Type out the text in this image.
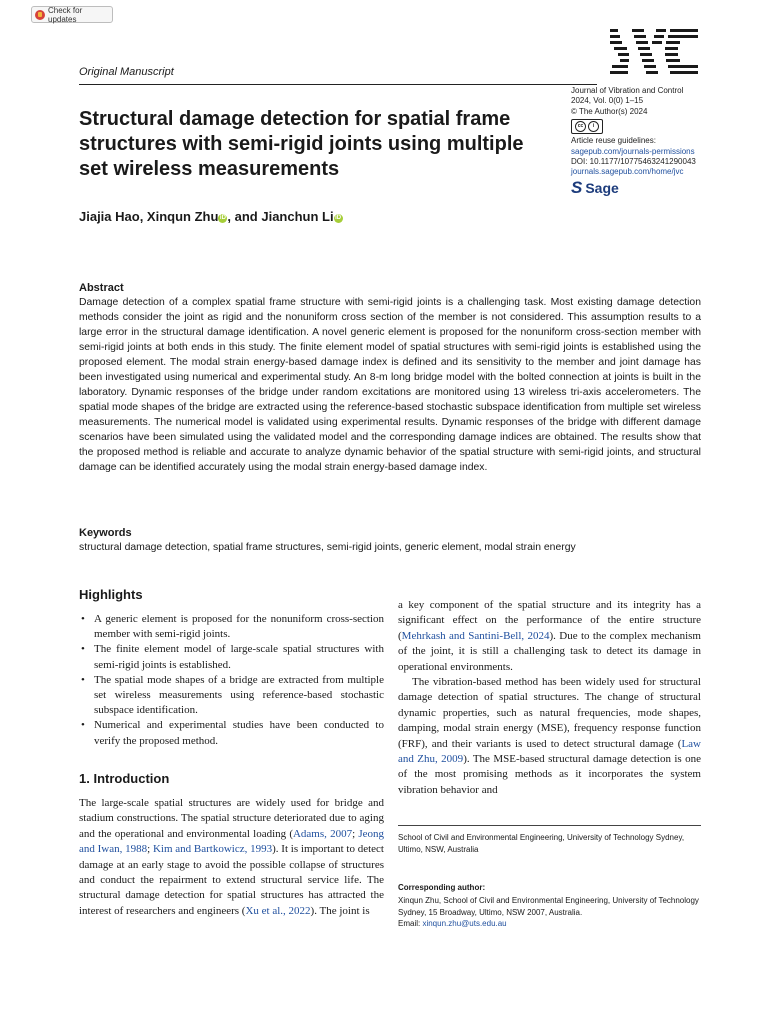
Check for updates
Original Manuscript
Journal of Vibration and Control
2024, Vol. 0(0) 1–15
© The Author(s) 2024
cc	i
Article reuse guidelines:
sagepub.com/journals-permissions
DOI: 10.1177/10775463241290043
journals.sagepub.com/home/jvc
S Sage
Structural damage detection for spatial frame structures with semi-rigid joints using multiple set wireless measurements
Jiajia Hao, Xinqun Zhu iD , and Jianchun Li iD
Abstract
Damage detection of a complex spatial frame structure with semi-rigid joints is a challenging task. Most existing damage detection methods consider the joint as rigid and the nonuniform cross section of the member is not considered. This assumption results to a large error in the structural damage identification. A novel generic element is proposed for the nonuniform cross-section member with semi-rigid joints at both ends in this study. The finite element model of spatial structures with semi-rigid joints is established using the proposed element. The modal strain energy-based damage index is defined and its sensitivity to the member and joint damage has been investigated using numerical and experimental study. An 8-m long bridge model with the bolted connection at joints is built in the laboratory. Dynamic responses of the bridge under random excitations are monitored using 13 wireless tri-axis accelerometers. The spatial mode shapes of the bridge are extracted using the reference-based stochastic subspace identification from multiple set wireless measurements. The numerical model is validated using experimental results. Dynamic responses of the bridge with different damage scenarios have been simulated using the validated model and the corresponding damage indices are obtained. The results show that the proposed method is reliable and accurate to analyze dynamic behavior of the spatial structure with semi-rigid joints, and structural damage can be identified accurately using the modal strain energy-based damage index.
Keywords
structural damage detection, spatial frame structures, semi-rigid joints, generic element, modal strain energy
Highlights
• A generic element is proposed for the nonuniform cross-section member with semi-rigid joints.
• The finite element model of large-scale spatial structures with semi-rigid joints is established.
• The spatial mode shapes of a bridge are extracted from multiple set wireless measurements using reference-based stochastic subspace identification.
• Numerical and experimental studies have been conducted to verify the proposed method.
1. Introduction
The large-scale spatial structures are widely used for bridge and stadium constructions. The spatial structure deteriorated due to aging and the operational and environmental loading (Adams, 2007; Jeong and Iwan, 1988; Kim and Bartkowicz, 1993). It is important to detect damage at an early stage to avoid the possible collapse of structures and conduct the repairment to extend structural service life. The structural damage detection for spatial structures has attracted the interest of researchers and engineers (Xu et al., 2022). The joint is

a key component of the spatial structure and its integrity has a significant effect on the performance of the entire structure (Mehrkash and Santini-Bell, 2024). Due to the complex mechanism of the joint, it is still a challenging task to detect its damage in operational environments.

The vibration-based method has been widely used for structural damage detection of spatial structures. The change of structural dynamic properties, such as natural frequencies, mode shapes, damping, modal strain energy (MSE), frequency response function (FRF), and their variants is used to detect structural damage (Law and Zhu, 2009). The MSE-based structural damage detection is one of the most promising methods as it incorporates the system vibration behavior and

School of Civil and Environmental Engineering, University of Technology Sydney, Ultimo, NSW, Australia
Corresponding author:
Xinqun Zhu, School of Civil and Environmental Engineering, University of Technology Sydney, 15 Broadway, Ultimo, NSW 2007, Australia.
Email: xinqun.zhu@uts.edu.au
